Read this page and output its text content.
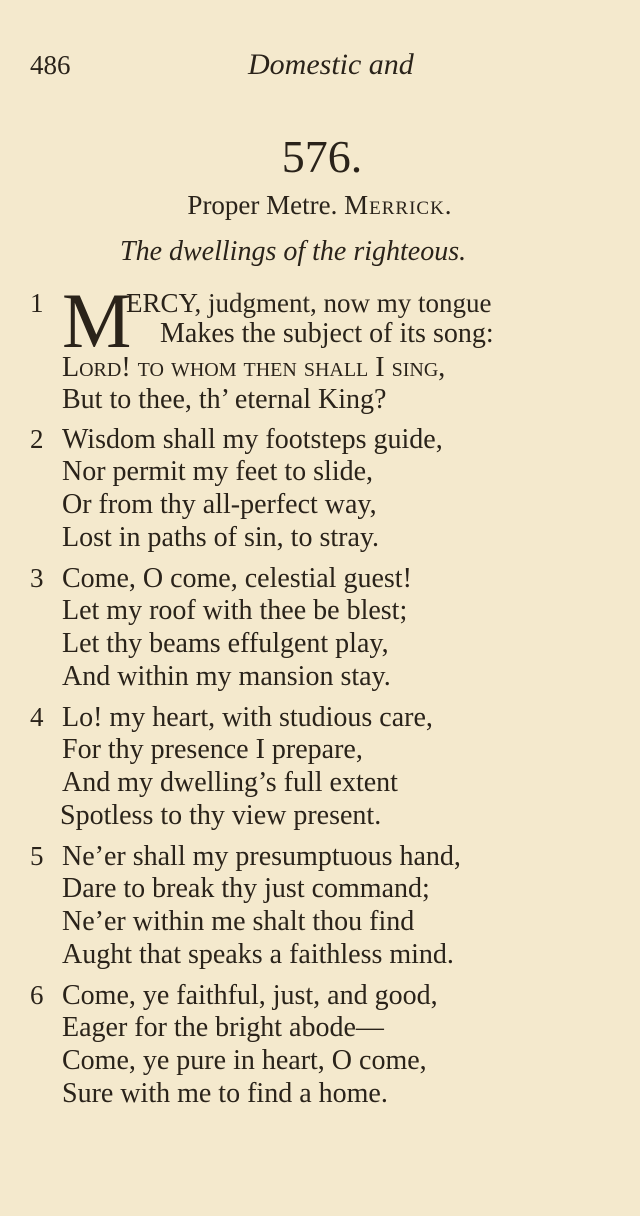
486	Domestic and
576.
Proper Metre. Merrick.
The dwellings of the righteous.
1 M
ERCY, judgment, now my tongue
Makes the subject of its song:
Lord! to whom then shall I sing,
But to thee, th’ eternal King?
2 Wisdom shall my footsteps guide,
Nor permit my feet to slide,
Or from thy all-perfect way,
Lost in paths of sin, to stray.
3 Come, O come, celestial guest!
Let my roof with thee be blest;
Let thy beams effulgent play,
And within my mansion stay.
4 Lo! my heart, with studious care,
For thy presence I prepare,
And my dwelling’s full extent
Spotless to thy view present.
5 Ne’er shall my presumptuous hand,
Dare to break thy just command;
Ne’er within me shalt thou find
Aught that speaks a faithless mind.
6 Come, ye faithful, just, and good,
Eager for the bright abode—
Come, ye pure in heart, O come,
Sure with me to find a home.
